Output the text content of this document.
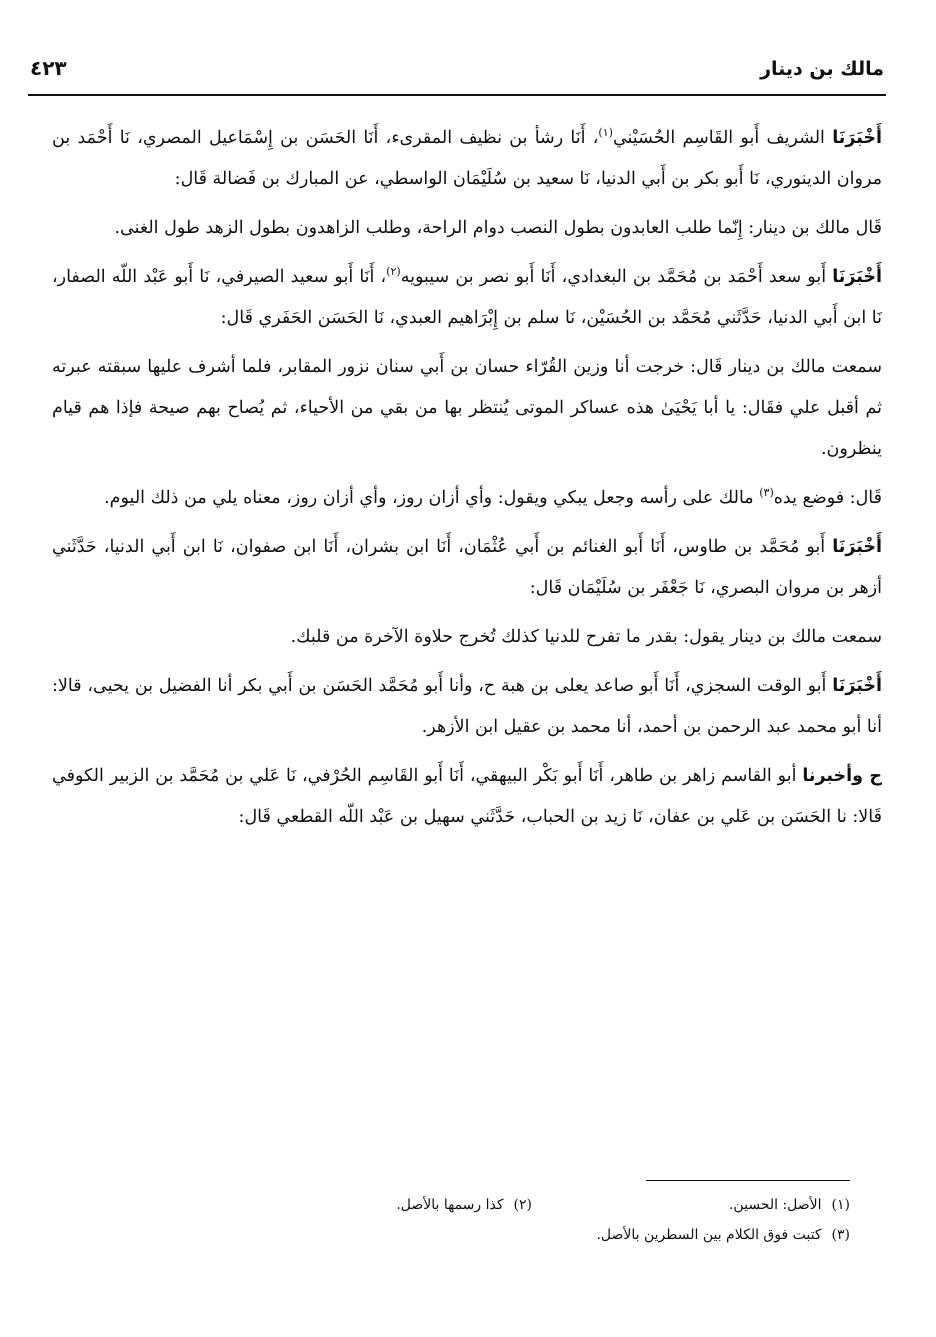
مالك بن دينار
٤٢٣

أَخْبَرَنَا الشريف أَبو القَاسِم الحُسَيْني$^{(١)}$، أَنَا رشأ بن نظيف المقرىء، أَنَا الحَسَن بن إِسْمَاعيل المصري، نَا أَحْمَد بن مروان الدينوري، نَا أَبو بكر بن أَبي الدنيا، نَا سعيد بن سُلَيْمَان الواسطي، عن المبارك بن فَضالة قَال:

قَال مالك بن دينار: إِنّما طلب العابدون بطول النصب دوام الراحة، وطلب الزاهدون بطول الزهد طول الغنى.

أَخْبَرَنَا أَبو سعد أَحْمَد بن مُحَمَّد بن البغدادي، أَنَا أَبو نصر بن سيبويه$^{(٢)}$، أَنَا أَبو سعيد الصيرفي، نَا أَبو عَبْد اللّه الصفار، نَا ابن أَبي الدنيا، حَدَّثَني مُحَمَّد بن الحُسَيْن، نَا سلم بن إِبْرَاهيم العبدي، نَا الحَسَن الحَفَري قَال:

سمعت مالك بن دينار قَال: خرجت أنا وزين القُرّاء حسان بن أَبي سنان نزور المقابر، فلما أشرف عليها سبقته عبرته ثم أقبل علي فقَال: يا أبا يَحْيَىٰ هذه عساكر الموتى يُنتظر بها من بقي من الأحياء، ثم يُصاح بهم صيحة فإذا هم قيام ينظرون.

قَال: فوضع يده$^{(٣)}$ مالك على رأسه وجعل يبكي ويقول: وأي أزان روز، وأي أزان روز، معناه يلي من ذلك اليوم.

أَخْبَرَنَا أَبو مُحَمَّد بن طاوس، أَنَا أَبو الغنائم بن أَبي عُثْمَان، أَنَا ابن بشران، أَنَا ابن صفوان، نَا ابن أَبي الدنيا، حَدَّثَني أزهر بن مروان البصري، نَا جَعْفَر بن سُلَيْمَان قَال:

سمعت مالك بن دينار يقول: بقدر ما تفرح للدنيا كذلك تُخرج حلاوة الآخرة من قلبك.

أَخْبَرَنَا أَبو الوقت السجزي، أَنَا أَبو صاعد يعلى بن هبة ح، وأنا أَبو مُحَمَّد الحَسَن بن أَبي بكر أنا الفضيل بن يحيى، قالا: أنا أبو محمد عبد الرحمن بن أحمد، أنا محمد بن عقيل ابن الأزهر.

ح وأخبرنا أبو القاسم زاهر بن طاهر، أَنَا أَبو بَكْر البيهقي، أَنَا أَبو القَاسِم الحُرْفي، نَا عَلي بن مُحَمَّد بن الزبير الكوفي قَالا: نا الحَسَن بن عَلي بن عفان، نَا زيد بن الحباب، حَدَّثَني سهيل بن عَبْد اللّه القطعي قَال:

(١)الأصل: الحسين.
(٢)كذا رسمها بالأصل.
(٣)كتبت فوق الكلام بين السطرين بالأصل.
